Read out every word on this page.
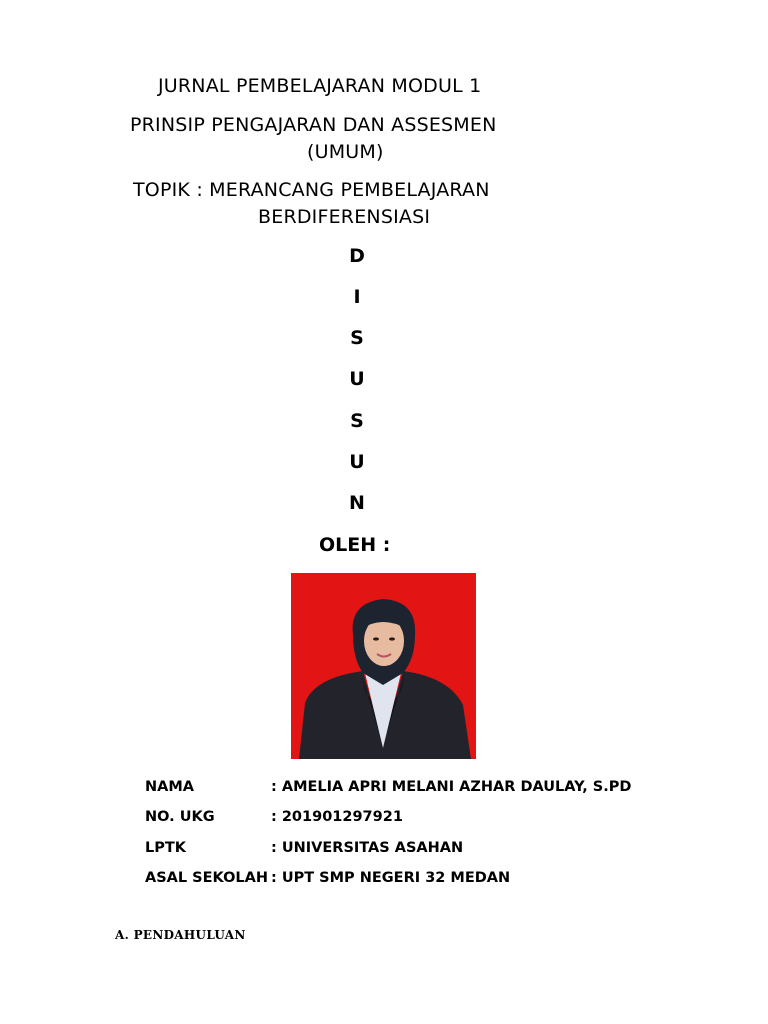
JURNAL PEMBELAJARAN MODUL 1
PRINSIP PENGAJARAN DAN ASSESMEN
(UMUM)
TOPIK : MERANCANG PEMBELAJARAN
BERDIFERENSIASI
D
I
S
U
S
U
N
OLEH :
NAMA	: AMELIA APRI MELANI AZHAR DAULAY, S.PD
NO. UKG	: 201901297921
LPTK	: UNIVERSITAS ASAHAN
ASAL SEKOLAH : UPT SMP NEGERI 32 MEDAN
A. PENDAHULUAN
